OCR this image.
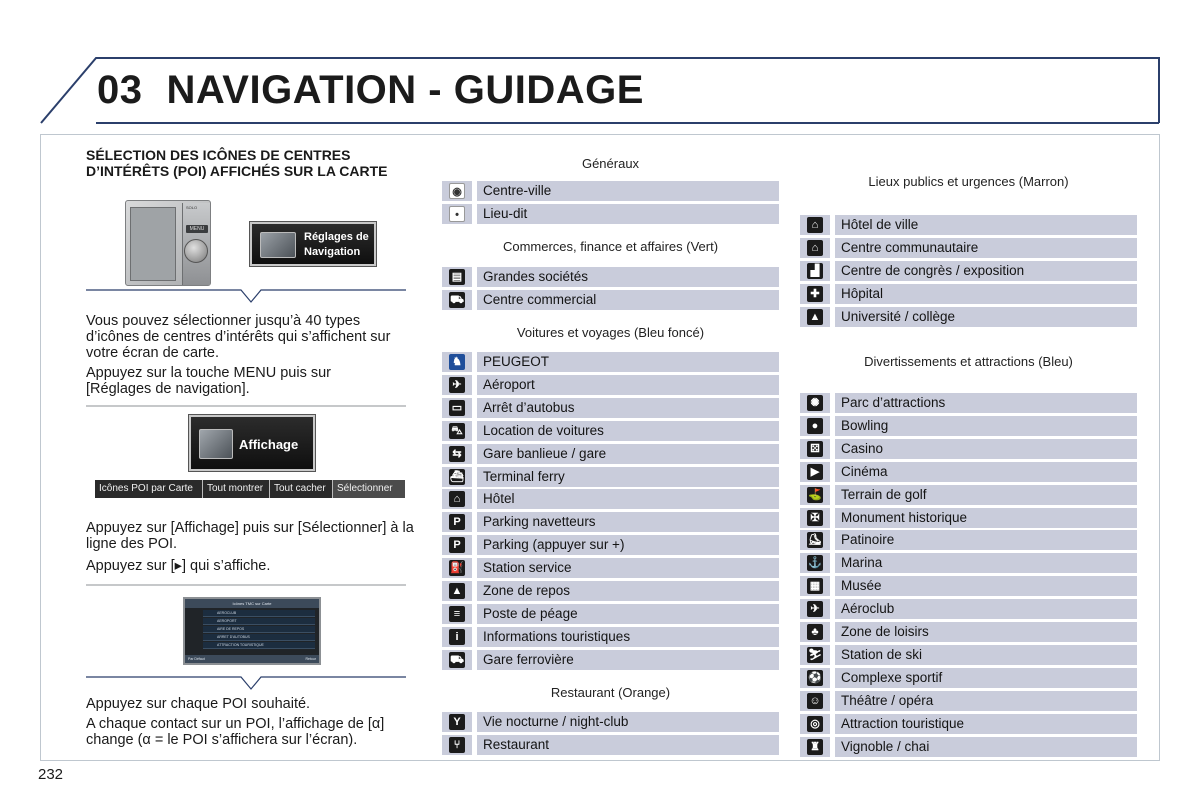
03 NAVIGATION - GUIDAGE
SÉLECTION DES ICÔNES DE CENTRES D’INTÉRÊTS (POI) AFFICHÉS SUR LA CARTE
SOLO
MENU
Réglages de
Navigation
Vous pouvez sélectionner jusqu’à 40 types d’icônes de centres d’intérêts qui s’affichent sur votre écran de carte.
Appuyez sur la touche MENU puis sur [Réglages de navigation].
Affichage
Icônes POI par Carte	Tout montrer	Tout cacher	Sélectionner
Appuyez sur [Affichage] puis sur [Sélectionner] à la ligne des POI.
Appuyez sur [▸] qui s’affiche.
Icônes TMC sur Carte
AEROCLUB
AEROPORT
AIRE DE REPOS
ARRET D'AUTOBUS
ATTRACTION TOURISTIQUE
Par Défaut	Retour
Appuyez sur chaque POI souhaité.
A chaque contact sur un POI, l’affichage de [α] change (α = le POI s’affichera sur l’écran).
Généraux
◉	Centre-ville
•	Lieu-dit
Commerces, finance et affaires (Vert)
▤	Grandes sociétés
⛟	Centre commercial
Voitures et voyages (Bleu foncé)
♞	PEUGEOT
✈	Aéroport
▭	Arrêt d’autobus
⛍	Location de voitures
⇆	Gare banlieue / gare
⛴	Terminal ferry
⌂	Hôtel
P	Parking navetteurs
P	Parking (appuyer sur +)
⛽	Station service
▲	Zone de repos
≡	Poste de péage
i	Informations touristiques
⛟	Gare ferrovière
Restaurant (Orange)
Y	Vie nocturne / night-club
⑂	Restaurant
Lieux publics et urgences (Marron)
⌂	Hôtel de ville
⌂	Centre communautaire
▟	Centre de congrès / exposition
✚	Hôpital
▲	Université / collège
Divertissements et attractions (Bleu)
✺	Parc d’attractions
●	Bowling
⚄	Casino
▶	Cinéma
⛳	Terrain de golf
✠	Monument historique
⛸	Patinoire
⚓	Marina
▦	Musée
✈	Aéroclub
♣	Zone de loisirs
⛷	Station de ski
⚽	Complexe sportif
☺	Théâtre / opéra
◎	Attraction touristique
♜	Vignoble / chai
232
